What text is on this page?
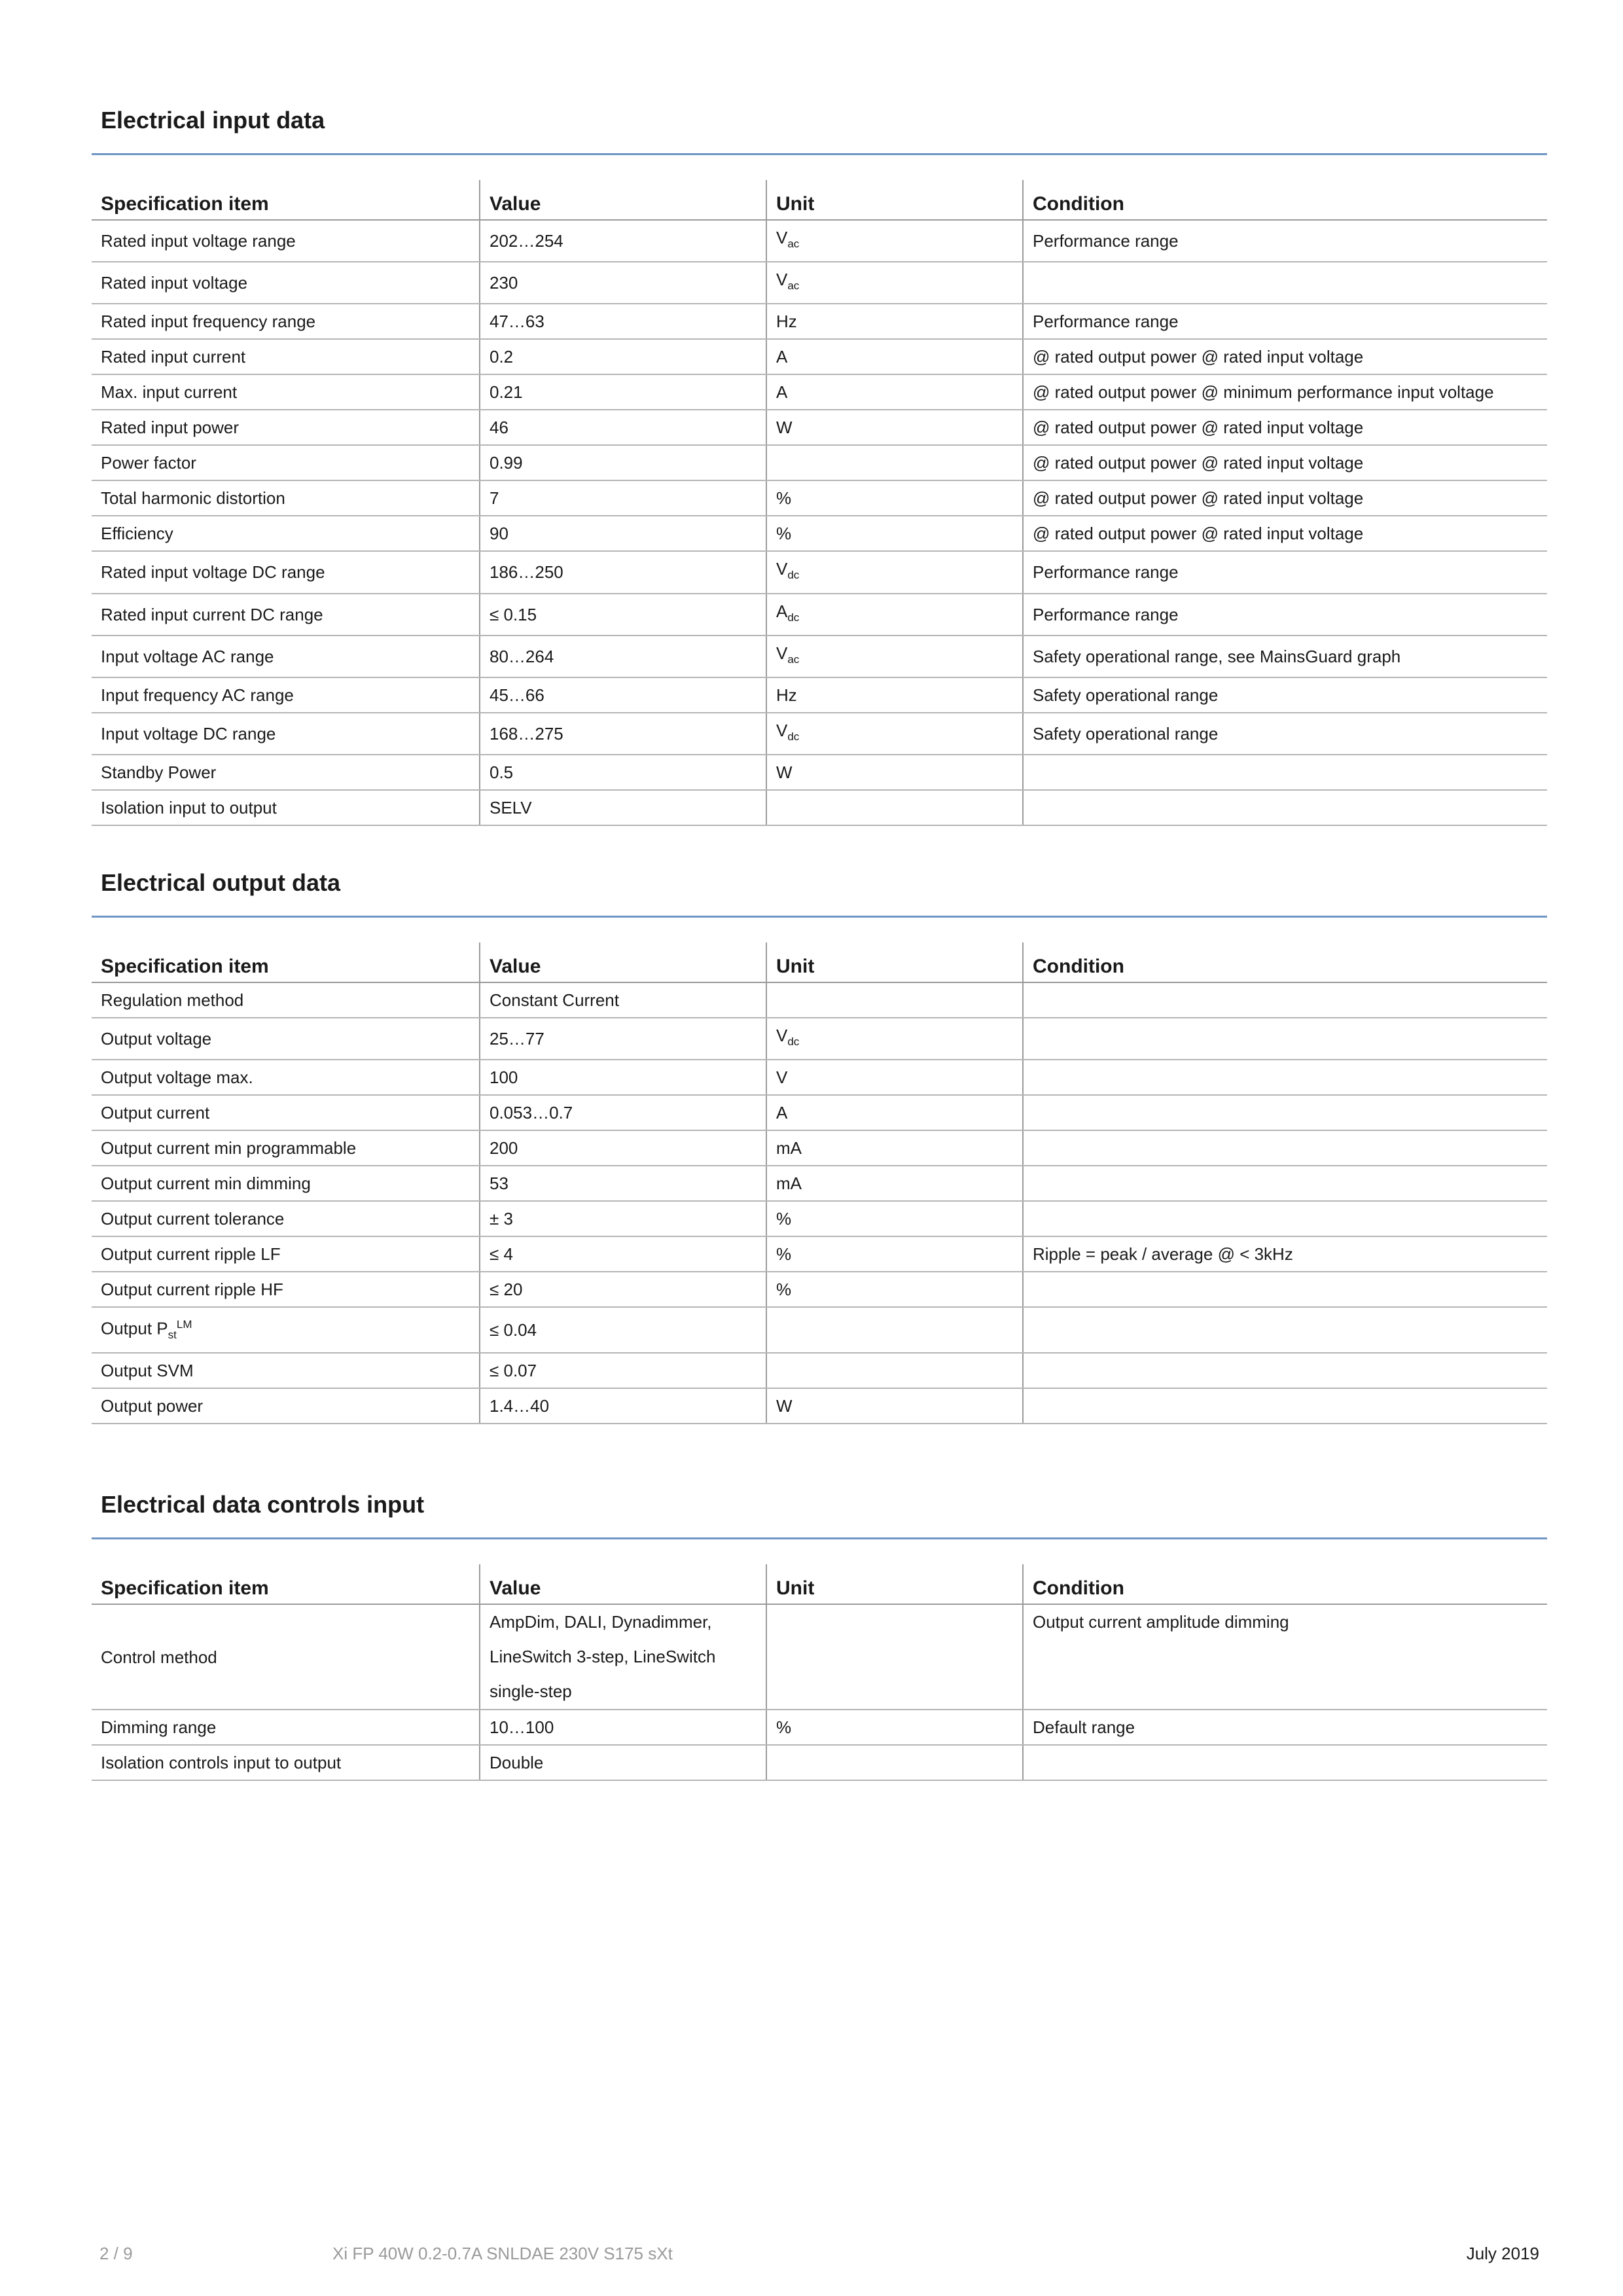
Electrical input data
Specification item	Value	Unit	Condition
Rated input voltage range	202…254	$V_{ac}$	Performance range
Rated input voltage	230	$V_{ac}$	
Rated input frequency range	47…63	Hz	Performance range
Rated input current	0.2	A	@ rated output power @ rated input voltage
Max. input current	0.21	A	@ rated output power @ minimum performance input voltage
Rated input power	46	W	@ rated output power @ rated input voltage
Power factor	0.99		@ rated output power @ rated input voltage
Total harmonic distortion	7	%	@ rated output power @ rated input voltage
Efficiency	90	%	@ rated output power @ rated input voltage
Rated input voltage DC range	186…250	$V_{dc}$	Performance range
Rated input current DC range	≤ 0.15	$A_{dc}$	Performance range
Input voltage AC range	80…264	$V_{ac}$	Safety operational range, see MainsGuard graph
Input frequency AC range	45…66	Hz	Safety operational range
Input voltage DC range	168…275	$V_{dc}$	Safety operational range
Standby Power	0.5	W	
Isolation input to output	SELV		
Electrical output data
Specification item	Value	Unit	Condition
Regulation method	Constant Current		
Output voltage	25…77	$V_{dc}$	
Output voltage max.	100	V	
Output current	0.053…0.7	A	
Output current min programmable	200	mA	
Output current min dimming	53	mA	
Output current tolerance	± 3	%	
Output current ripple LF	≤ 4	%	Ripple = peak / average @ < 3kHz
Output current ripple HF	≤ 20	%	
Output $P_{st}^{LM}$	≤ 0.04		
Output SVM	≤ 0.07		
Output power	1.4…40	W	
Electrical data controls input
Specification item	Value	Unit	Condition
Control method	AmpDim, DALI, Dynadimmer,
LineSwitch 3-step, LineSwitch
single-step		Output current amplitude dimming
Dimming range	10…100	%	Default range
Isolation controls input to output	Double		
2 / 9	Xi FP 40W 0.2-0.7A SNLDAE 230V S175 sXt	July 2019
